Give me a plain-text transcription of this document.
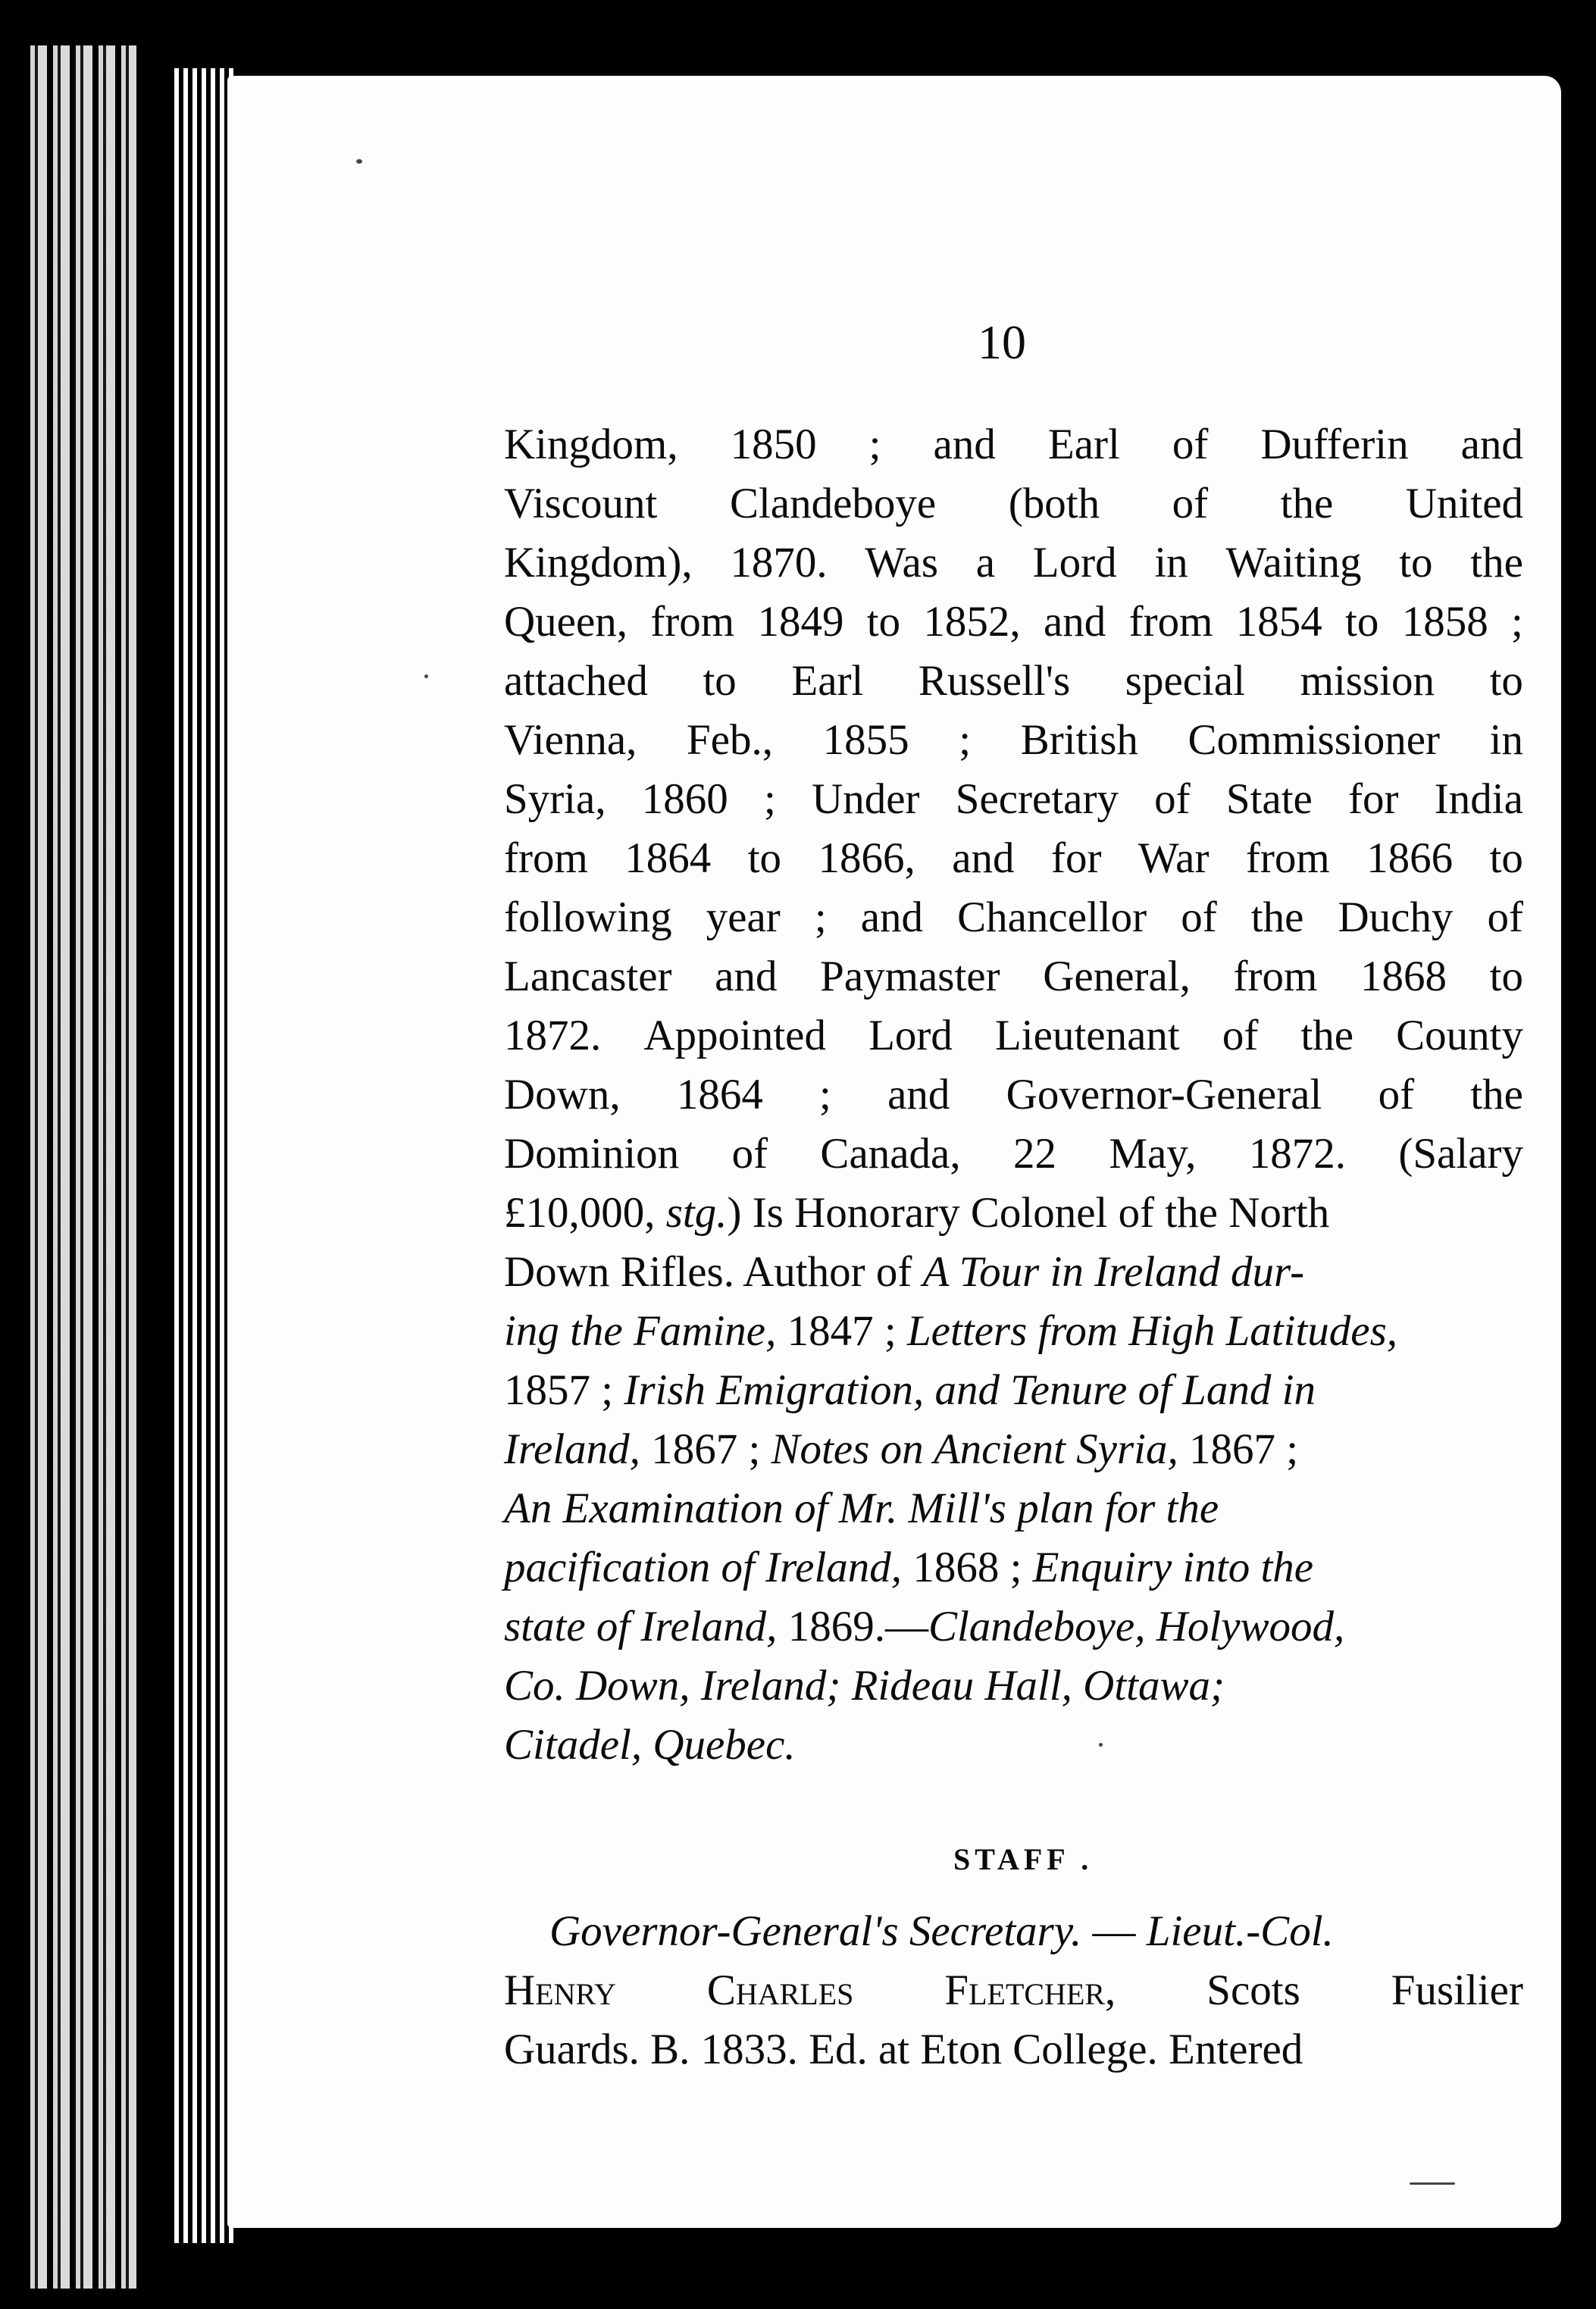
10
Kingdom, 1850 ; and Earl of Dufferin and
Viscount Clandeboye (both of the United
Kingdom), 1870. Was a Lord in Waiting to the
Queen, from 1849 to 1852, and from 1854 to 1858 ;
attached to Earl Russell's special mission to
Vienna, Feb., 1855 ; British Commissioner in
Syria, 1860 ; Under Secretary of State for India
from 1864 to 1866, and for War from 1866 to
following year ; and Chancellor of the Duchy of
Lancaster and Paymaster General, from 1868 to
1872. Appointed Lord Lieutenant of the County
Down, 1864 ; and Governor-General of the
Dominion of Canada, 22 May, 1872. (Salary
£10,000, stg.) Is Honorary Colonel of the North
Down Rifles. Author of A Tour in Ireland dur-
ing the Famine, 1847 ; Letters from High Latitudes,
1857 ; Irish Emigration, and Tenure of Land in
Ireland, 1867 ; Notes on Ancient Syria, 1867 ;
An Examination of Mr. Mill's plan for the
pacification of Ireland, 1868 ; Enquiry into the
state of Ireland, 1869.—Clandeboye, Holywood,
Co. Down, Ireland; Rideau Hall, Ottawa;
Citadel, Quebec.
STAFF .
Governor-General's Secretary. — Lieut.-Col.
Henry Charles Fletcher, Scots Fusilier
Guards. B. 1833. Ed. at Eton College. Entered
